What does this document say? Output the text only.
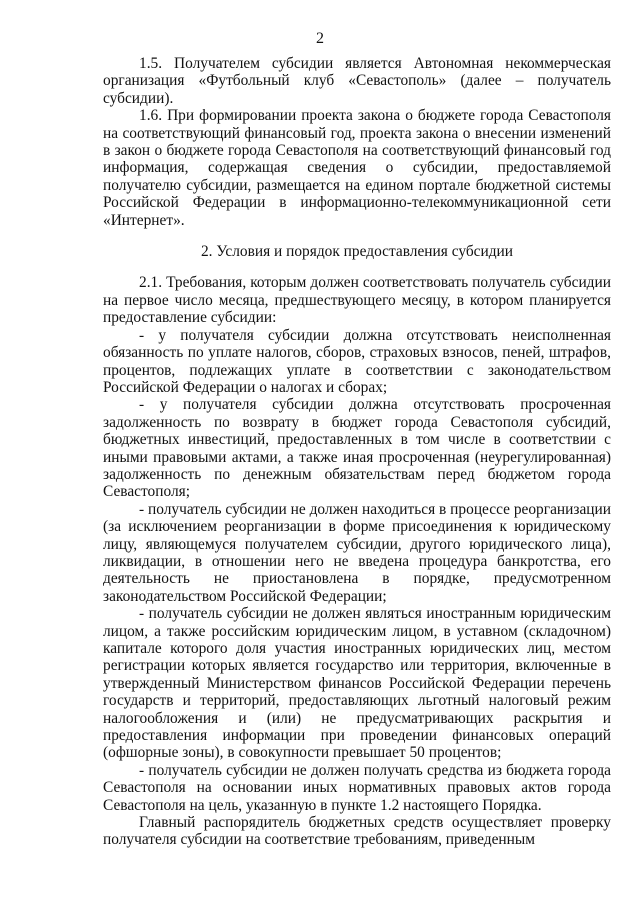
2

1.5. Получателем субсидии является Автономная некоммерческая организация «Футбольный клуб «Севастополь» (далее – получатель субсидии).

1.6. При формировании проекта закона о бюджете города Севастополя на соответствующий финансовый год, проекта закона о внесении изменений в закон о бюджете города Севастополя на соответствующий финансовый год информация, содержащая сведения о субсидии, предоставляемой получателю субсидии, размещается на едином портале бюджетной системы Российской Федерации в информационно-телекоммуникационной сети «Интернет».

2. Условия и порядок предоставления субсидии

2.1. Требования, которым должен соответствовать получатель субсидии на первое число месяца, предшествующего месяцу, в котором планируется предоставление субсидии:

- у получателя субсидии должна отсутствовать неисполненная обязанность по уплате налогов, сборов, страховых взносов, пеней, штрафов, процентов, подлежащих уплате в соответствии с законодательством Российской Федерации о налогах и сборах;

- у получателя субсидии должна отсутствовать просроченная задолженность по возврату в бюджет города Севастополя субсидий, бюджетных инвестиций, предоставленных в том числе в соответствии с иными правовыми актами, а также иная просроченная (неурегулированная) задолженность по денежным обязательствам перед бюджетом города Севастополя;

- получатель субсидии не должен находиться в процессе реорганизации (за исключением реорганизации в форме присоединения к юридическому лицу, являющемуся получателем субсидии, другого юридического лица), ликвидации, в отношении него не введена процедура банкротства, его деятельность не приостановлена в порядке, предусмотренном законодательством Российской Федерации;

- получатель субсидии не должен являться иностранным юридическим лицом, а также российским юридическим лицом, в уставном (складочном) капитале которого доля участия иностранных юридических лиц, местом регистрации которых является государство или территория, включенные в утвержденный Министерством финансов Российской Федерации перечень государств и территорий, предоставляющих льготный налоговый режим налогообложения и (или) не предусматривающих раскрытия и предоставления информации при проведении финансовых операций (офшорные зоны), в совокупности превышает 50 процентов;

- получатель субсидии не должен получать средства из бюджета города Севастополя на основании иных нормативных правовых актов города Севастополя на цель, указанную в пункте 1.2 настоящего Порядка.

Главный распорядитель бюджетных средств осуществляет проверку получателя субсидии на соответствие требованиям, приведенным
